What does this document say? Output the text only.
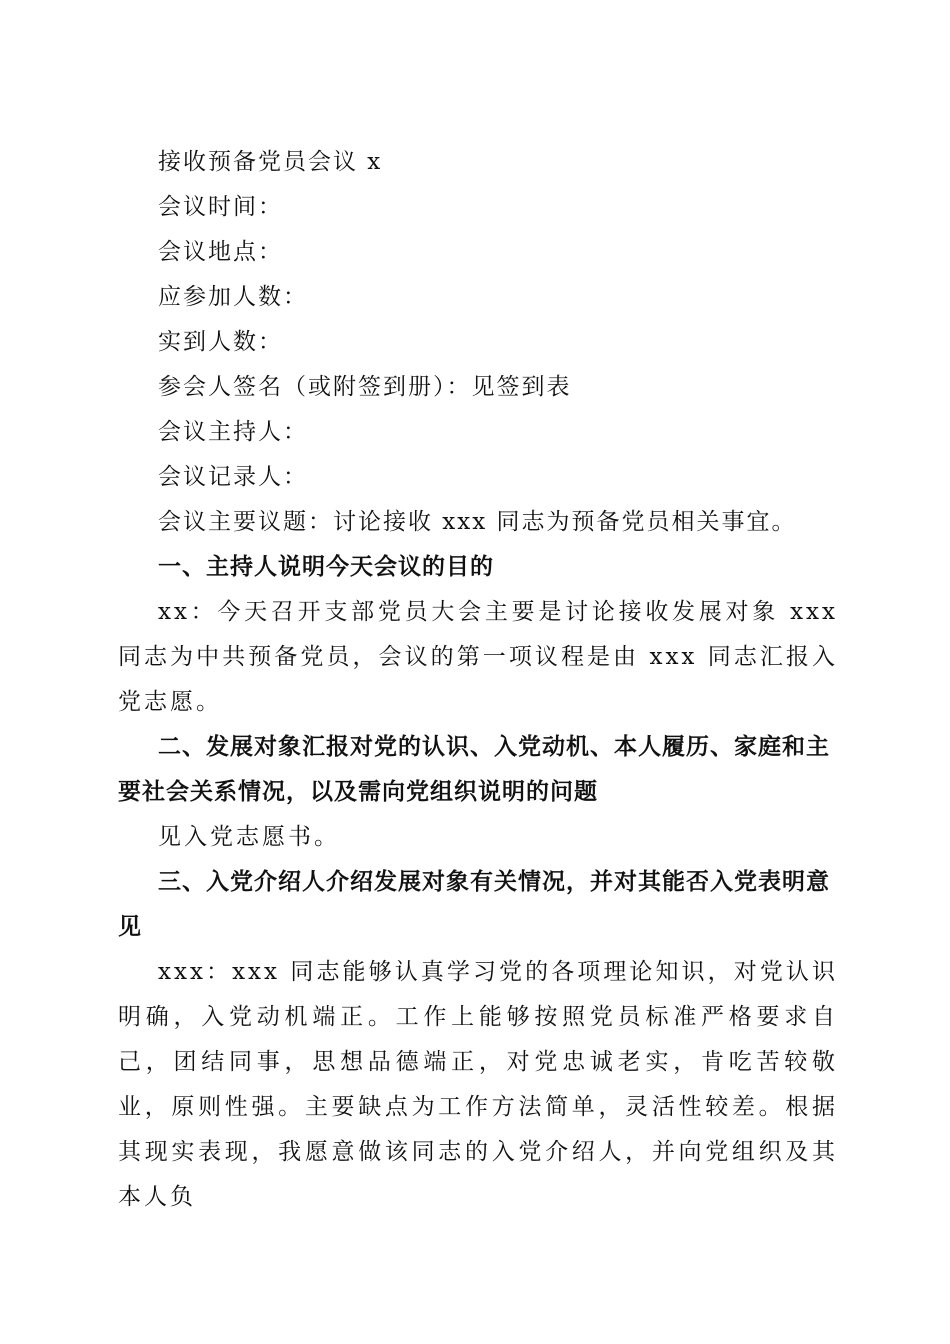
接收预备党员会议 x

会议时间：

会议地点：

应参加人数：

实到人数：

参会人签名（或附签到册）：见签到表

会议主持人：

会议记录人：

会议主要议题：讨论接收 xxx 同志为预备党员相关事宜。

一、主持人说明今天会议的目的

xx：今天召开支部党员大会主要是讨论接收发展对象 xxx 同志为中共预备党员，会议的第一项议程是由 xxx 同志汇报入党志愿。

二、发展对象汇报对党的认识、入党动机、本人履历、家庭和主要社会关系情况，以及需向党组织说明的问题

见入党志愿书。

三、入党介绍人介绍发展对象有关情况，并对其能否入党表明意见

xxx：xxx 同志能够认真学习党的各项理论知识，对党认识明确，入党动机端正。工作上能够按照党员标准严格要求自己，团结同事，思想品德端正，对党忠诚老实，肯吃苦较敬业，原则性强。主要缺点为工作方法简单，灵活性较差。根据其现实表现，我愿意做该同志的入党介绍人，并向党组织及其本人负
